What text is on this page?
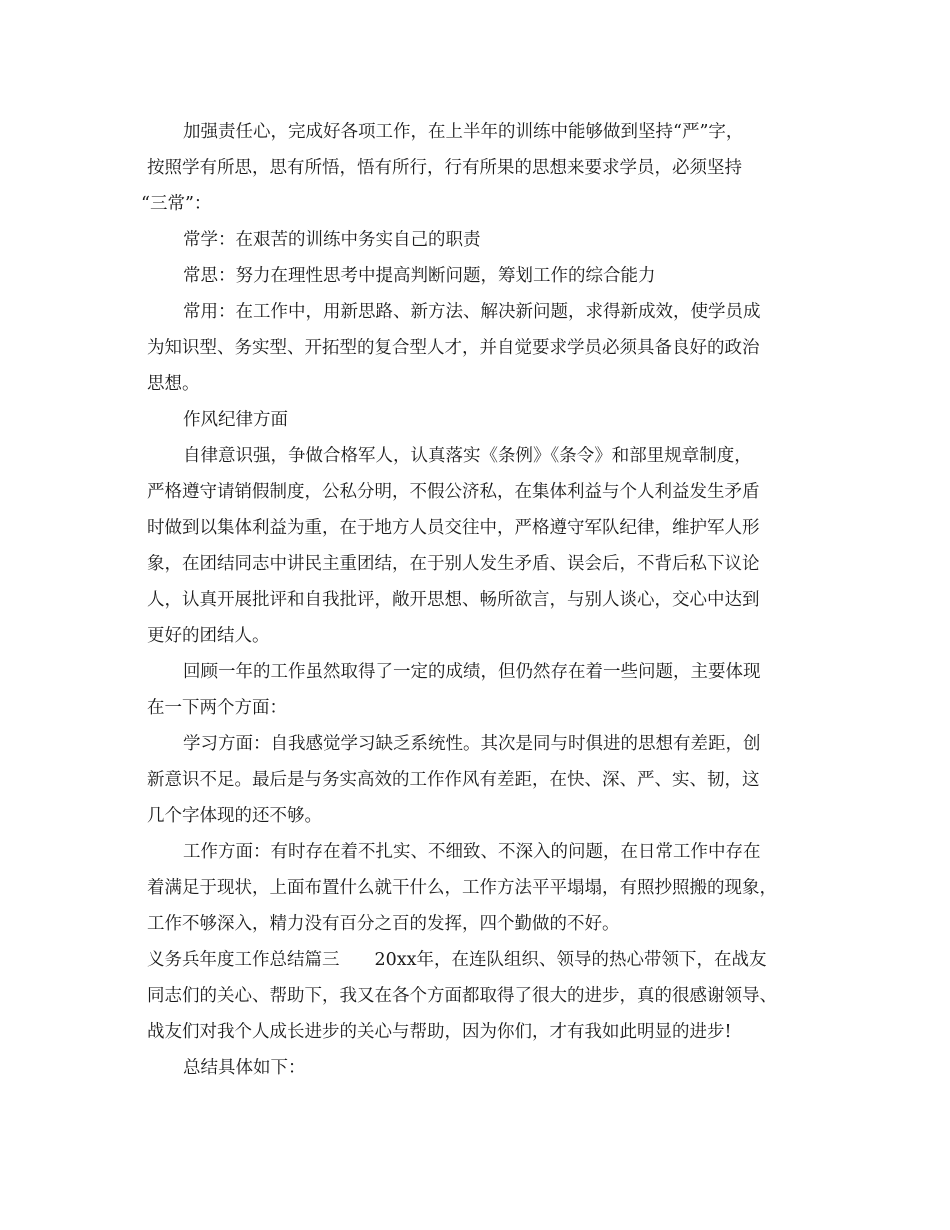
加强责任心，完成好各项工作，在上半年的训练中能够做到坚持“严”字，
按照学有所思，思有所悟，悟有所行，行有所果的思想来要求学员，必须坚持
“三常”：
常学：在艰苦的训练中务实自己的职责
常思：努力在理性思考中提高判断问题，筹划工作的综合能力
常用：在工作中，用新思路、新方法、解决新问题，求得新成效，使学员成
为知识型、务实型、开拓型的复合型人才，并自觉要求学员必须具备良好的政治
思想。
作风纪律方面
自律意识强，争做合格军人，认真落实《条例》《条令》和部里规章制度，
严格遵守请销假制度，公私分明，不假公济私，在集体利益与个人利益发生矛盾
时做到以集体利益为重，在于地方人员交往中，严格遵守军队纪律，维护军人形
象，在团结同志中讲民主重团结，在于别人发生矛盾、误会后，不背后私下议论
人，认真开展批评和自我批评，敞开思想、畅所欲言，与别人谈心，交心中达到
更好的团结人。
回顾一年的工作虽然取得了一定的成绩，但仍然存在着一些问题，主要体现
在一下两个方面：
学习方面：自我感觉学习缺乏系统性。其次是同与时俱进的思想有差距，创
新意识不足。最后是与务实高效的工作作风有差距，在快、深、严、实、韧，这
几个字体现的还不够。
工作方面：有时存在着不扎实、不细致、不深入的问题，在日常工作中存在
着满足于现状，上面布置什么就干什么，工作方法平平塌塌，有照抄照搬的现象，
工作不够深入，精力没有百分之百的发挥，四个勤做的不好。
义务兵年度工作总结篇三　　20xx年，在连队组织、领导的热心带领下，在战友
同志们的关心、帮助下，我又在各个方面都取得了很大的进步，真的很感谢领导、
战友们对我个人成长进步的关心与帮助，因为你们，才有我如此明显的进步!
总结具体如下：
